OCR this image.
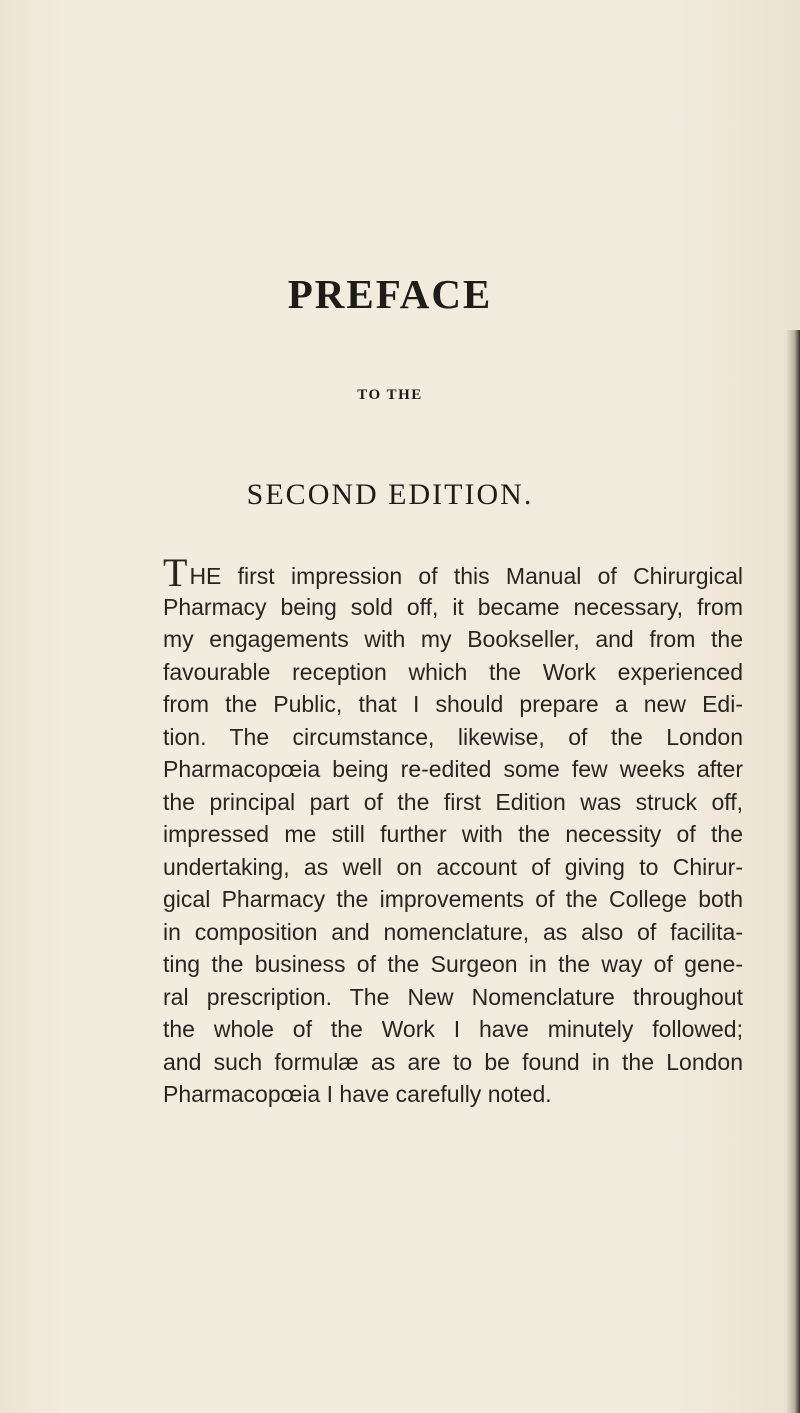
PREFACE
TO THE
SECOND EDITION.
THE first impression of this Manual of Chirurgical
Pharmacy being sold off, it became necessary, from
my engagements with my Bookseller, and from the
favourable reception which the Work experienced
from the Public, that I should prepare a new Edi-
tion. The circumstance, likewise, of the London
Pharmacopœia being re-edited some few weeks after
the principal part of the first Edition was struck off,
impressed me still further with the necessity of the
undertaking, as well on account of giving to Chirur-
gical Pharmacy the improvements of the College both
in composition and nomenclature, as also of facilita-
ting the business of the Surgeon in the way of gene-
ral prescription. The New Nomenclature throughout
the whole of the Work I have minutely followed;
and such formulæ as are to be found in the London
Pharmacopœia I have carefully noted.
